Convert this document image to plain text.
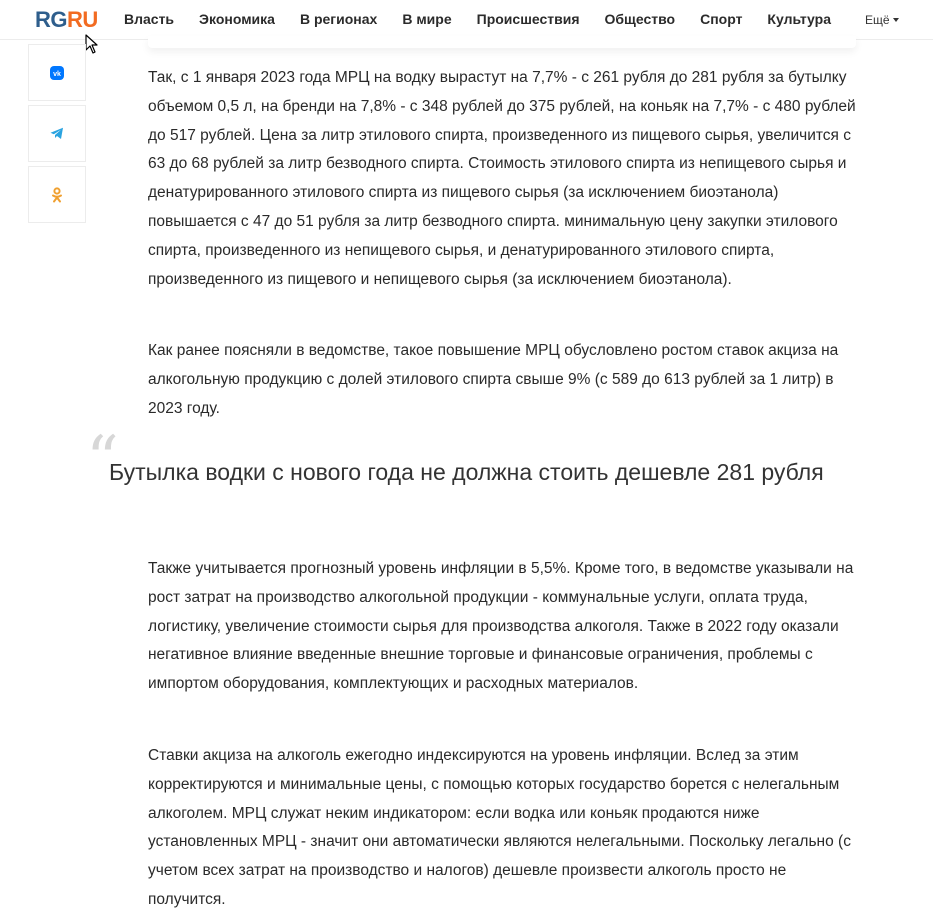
RGRU Власть Экономика В регионах В мире Происшествия Общество Спорт Культура	Ещё
vk	Так, с 1 января 2023 года МРЦ на водку вырастут на 7,7% - с 261 рубля до 281 рубля за бутылку объемом 0,5 л, на бренди на 7,8% - с 348 рублей до 375 рублей, на коньяк на 7,7% - с 480 рублей до 517 рублей. Цена за литр этилового спирта, произведенного из пищевого сырья, увеличится с 63 до 68 рублей за литр безводного спирта. Стоимость этилового спирта из непищевого сырья и денатурированного этилового спирта из пищевого сырья (за исключением биоэтанола) повышается с 47 до 51 рубля за литр безводного спирта. минимальную цену закупки этилового спирта, произведенного из непищевого сырья, и денатурированного этилового спирта, произведенного из пищевого и непищевого сырья (за исключением биоэтанола).

Как ранее поясняли в ведомстве, такое повышение МРЦ обусловлено ростом ставок акциза на алкогольную продукцию с долей этилового спирта свыше 9% (с 589 до 613 рублей за 1 литр) в 2023 году.

“
Бутылка водки с нового года не должна стоить дешевле 281 рубля

Также учитывается прогнозный уровень инфляции в 5,5%. Кроме того, в ведомстве указывали на рост затрат на производство алкогольной продукции - коммунальные услуги, оплата труда, логистику, увеличение стоимости сырья для производства алкоголя. Также в 2022 году оказали негативное влияние введенные внешние торговые и финансовые ограничения, проблемы с импортом оборудования, комплектующих и расходных материалов.

Ставки акциза на алкоголь ежегодно индексируются на уровень инфляции. Вслед за этим корректируются и минимальные цены, с помощью которых государство борется с нелегальным алкоголем. МРЦ служат неким индикатором: если водка или коньяк продаются ниже установленных МРЦ - значит они автоматически являются нелегальными. Поскольку легально (с учетом всех затрат на производство и налогов) дешевле произвести алкоголь просто не получится.
